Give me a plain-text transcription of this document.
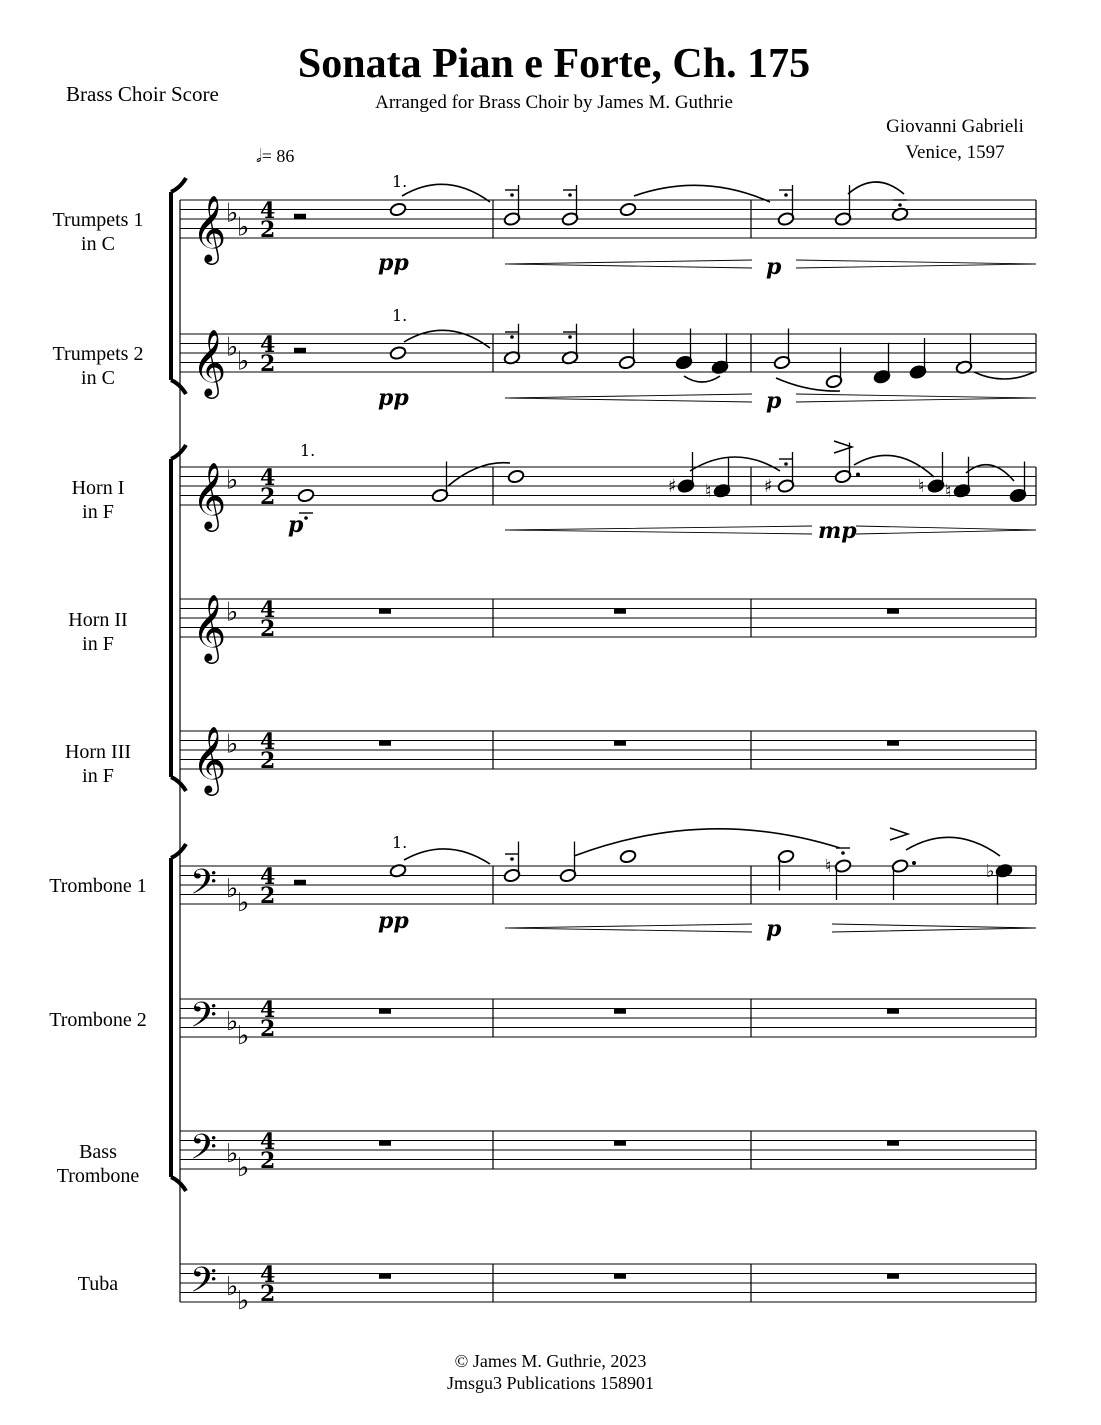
𝄞 ♭
♭
4
2
𝄞 ♭
♭
4
2
𝄞 ♭ 4
2
𝄞 ♭ 4
2
𝄞 ♭ 4
2
𝄢 ♭
♭
4
2
𝄢 ♭
♭
4
2
𝄢 ♭
♭
4
2
𝄢 ♭
♭
4
2
1.
pp	p
1.
pp	p
1.
♯ ♮	♯	♮ ♮
p	mp
1.
♮	♭
pp	p
Sonata Pian e Forte, Ch. 175
Arranged for Brass Choir by James M. Guthrie
Brass Choir Score
Giovanni Gabrieli
Venice, 1597
𝅗𝅥= 86
Trumpets 1
in C
Trumpets 2
in C
Horn I
in F
Horn II
in F
Horn III
in F
Trombone 1
Trombone 2
Bass
Trombone
Tuba
© James M. Guthrie, 2023
Jmsgu3 Publications 158901
